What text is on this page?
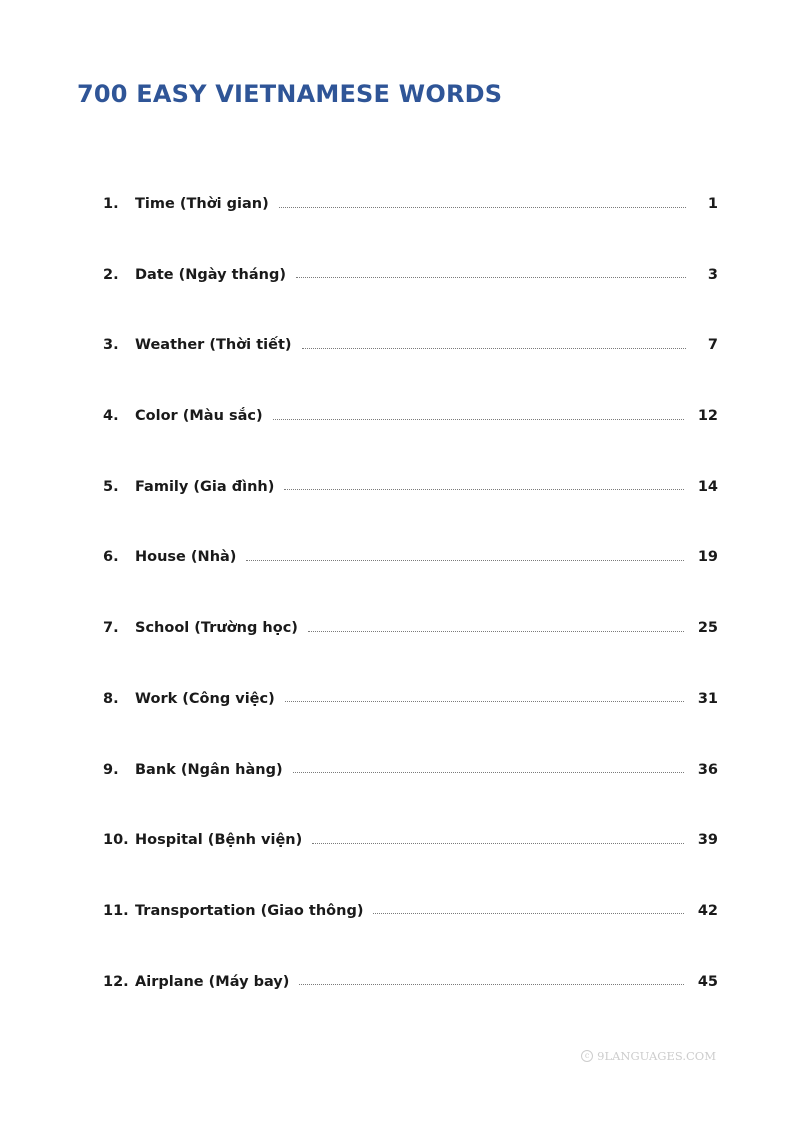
700 EASY VIETNAMESE WORDS
1.	Time (Thời gian)	1
2.	Date (Ngày tháng)	3
3.	Weather (Thời tiết)	7
4.	Color (Màu sắc)	12
5.	Family (Gia đình)	14
6.	House (Nhà)	19
7.	School (Trường học)	25
8.	Work (Công việc)	31
9.	Bank (Ngân hàng)	36
10. Hospital (Bệnh viện)	39
11. Transportation (Giao thông)	42
12. Airplane (Máy bay)	45
c 9LANGUAGES.COM
